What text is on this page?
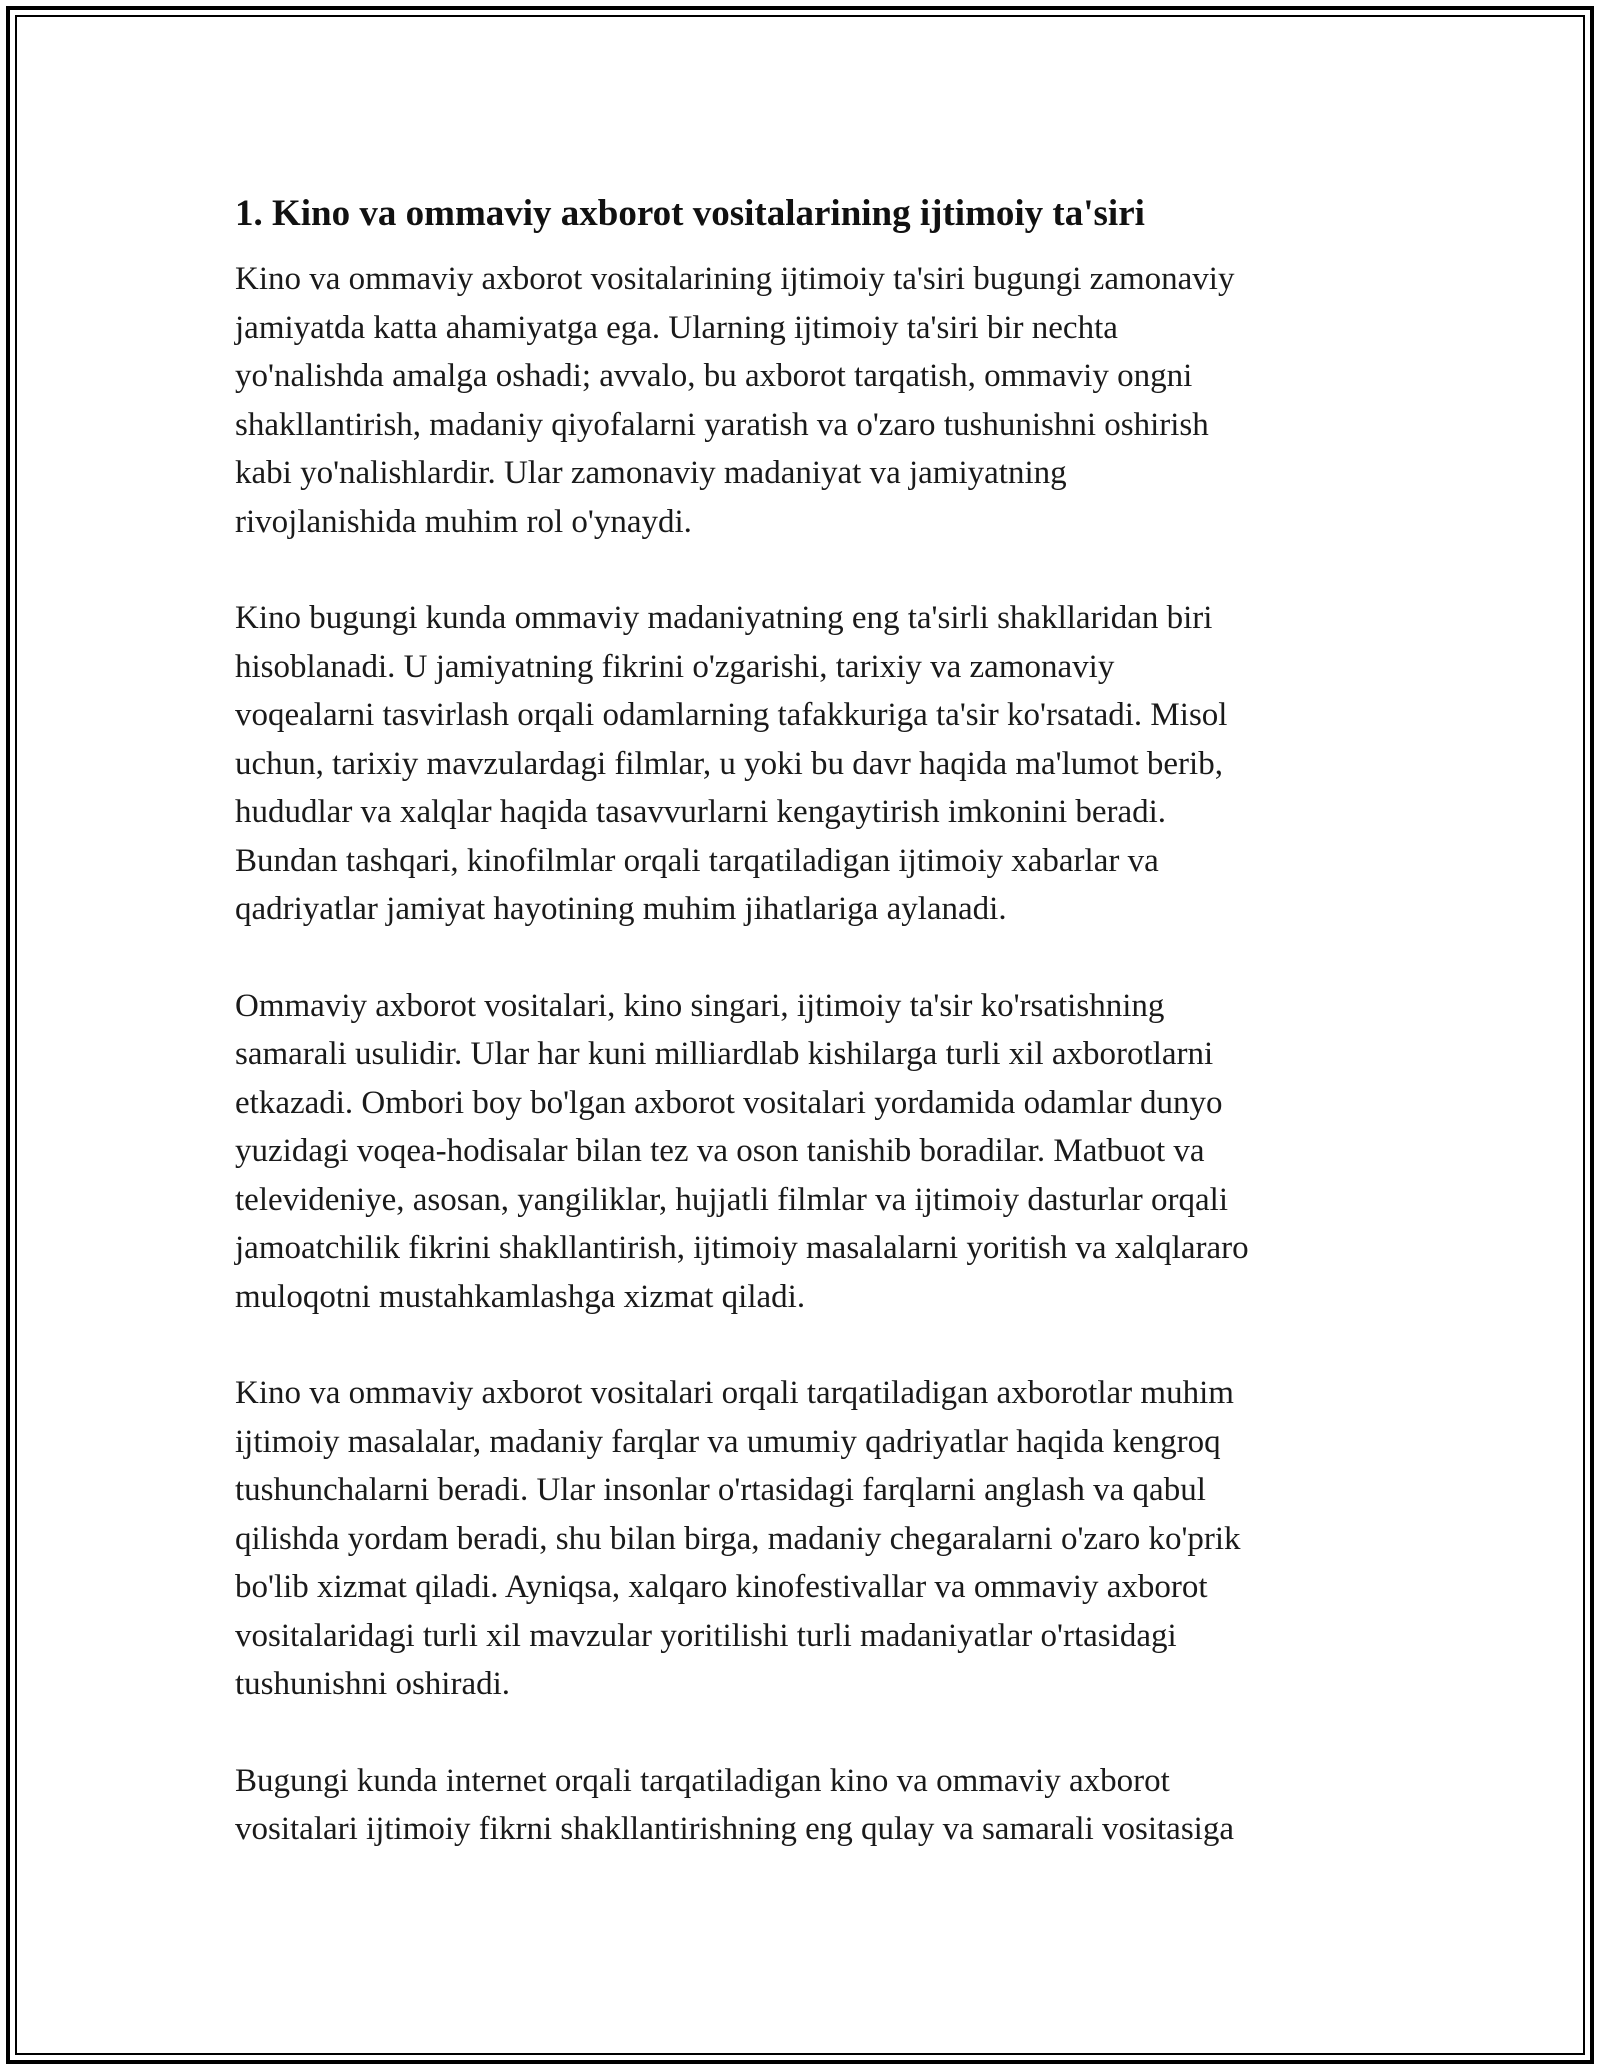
1. Kino va ommaviy axborot vositalarining ijtimoiy ta'siri

Kino va ommaviy axborot vositalarining ijtimoiy ta'siri bugungi zamonaviy
jamiyatda katta ahamiyatga ega. Ularning ijtimoiy ta'siri bir nechta
yo'nalishda amalga oshadi; avvalo, bu axborot tarqatish, ommaviy ongni
shakllantirish, madaniy qiyofalarni yaratish va o'zaro tushunishni oshirish
kabi yo'nalishlardir. Ular zamonaviy madaniyat va jamiyatning
rivojlanishida muhim rol o'ynaydi.

Kino bugungi kunda ommaviy madaniyatning eng ta'sirli shakllaridan biri
hisoblanadi. U jamiyatning fikrini o'zgarishi, tarixiy va zamonaviy
voqealarni tasvirlash orqali odamlarning tafakkuriga ta'sir ko'rsatadi. Misol
uchun, tarixiy mavzulardagi filmlar, u yoki bu davr haqida ma'lumot berib,
hududlar va xalqlar haqida tasavvurlarni kengaytirish imkonini beradi.
Bundan tashqari, kinofilmlar orqali tarqatiladigan ijtimoiy xabarlar va
qadriyatlar jamiyat hayotining muhim jihatlariga aylanadi.

Ommaviy axborot vositalari, kino singari, ijtimoiy ta'sir ko'rsatishning
samarali usulidir. Ular har kuni milliardlab kishilarga turli xil axborotlarni
etkazadi. Ombori boy bo'lgan axborot vositalari yordamida odamlar dunyo
yuzidagi voqea-hodisalar bilan tez va oson tanishib boradilar. Matbuot va
televideniye, asosan, yangiliklar, hujjatli filmlar va ijtimoiy dasturlar orqali
jamoatchilik fikrini shakllantirish, ijtimoiy masalalarni yoritish va xalqlararo
muloqotni mustahkamlashga xizmat qiladi.

Kino va ommaviy axborot vositalari orqali tarqatiladigan axborotlar muhim
ijtimoiy masalalar, madaniy farqlar va umumiy qadriyatlar haqida kengroq
tushunchalarni beradi. Ular insonlar o'rtasidagi farqlarni anglash va qabul
qilishda yordam beradi, shu bilan birga, madaniy chegaralarni o'zaro ko'prik
bo'lib xizmat qiladi. Ayniqsa, xalqaro kinofestivallar va ommaviy axborot
vositalaridagi turli xil mavzular yoritilishi turli madaniyatlar o'rtasidagi
tushunishni oshiradi.

Bugungi kunda internet orqali tarqatiladigan kino va ommaviy axborot
vositalari ijtimoiy fikrni shakllantirishning eng qulay va samarali vositasiga
